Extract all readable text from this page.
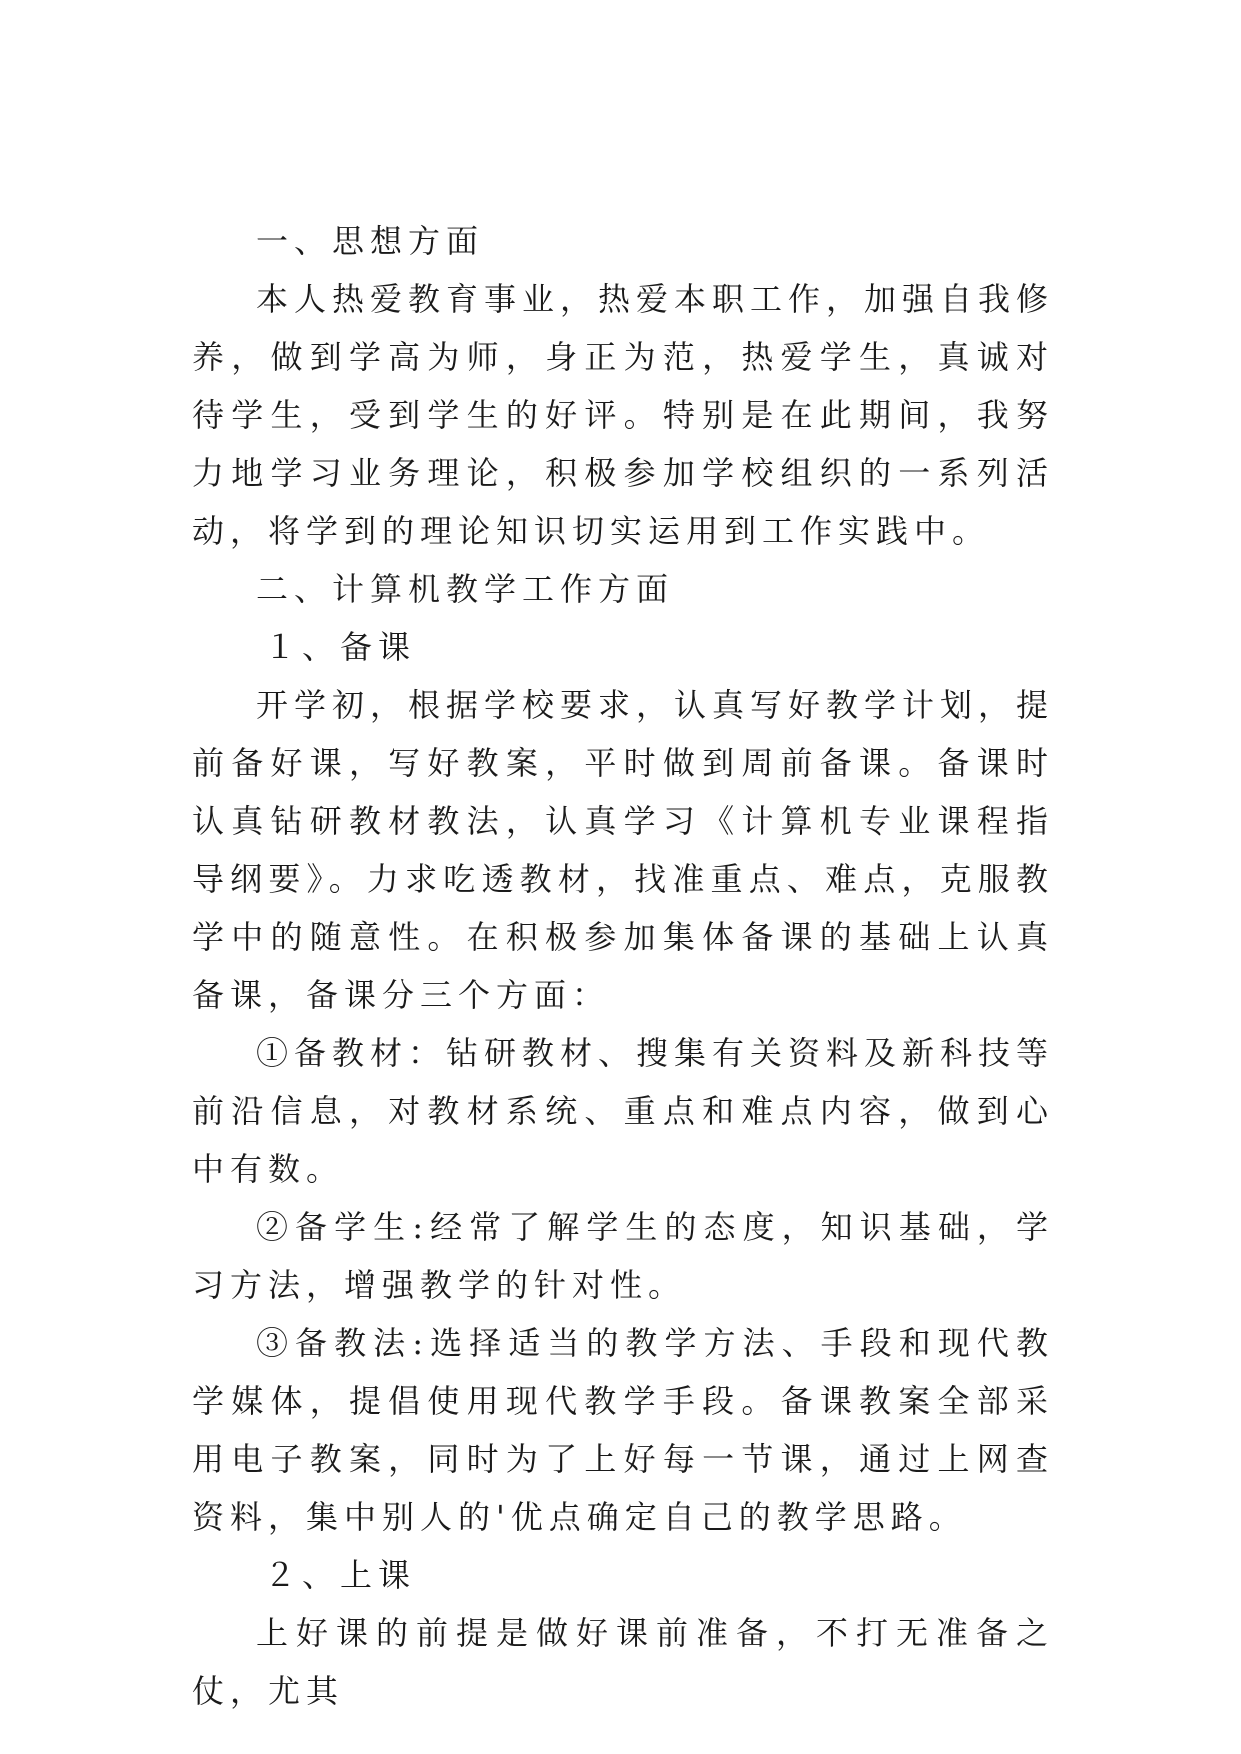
一、思想方面

本人热爱教育事业，热爱本职工作，加强自我修养，做到学高为师，身正为范，热爱学生，真诚对待学生，受到学生的好评。特别是在此期间，我努力地学习业务理论，积极参加学校组织的一系列活动，将学到的理论知识切实运用到工作实践中。

二、计算机教学工作方面

１、备课

开学初，根据学校要求，认真写好教学计划，提前备好课，写好教案，平时做到周前备课。备课时认真钻研教材教法，认真学习《计算机专业课程指导纲要》。力求吃透教材，找准重点、难点，克服教学中的随意性。在积极参加集体备课的基础上认真备课，备课分三个方面：

①备教材：钻研教材、搜集有关资料及新科技等前沿信息，对教材系统、重点和难点内容，做到心中有数。

②备学生:经常了解学生的态度，知识基础，学习方法，增强教学的针对性。

③备教法:选择适当的教学方法、手段和现代教学媒体，提倡使用现代教学手段。备课教案全部采用电子教案，同时为了上好每一节课，通过上网查资料，集中别人的'优点确定自己的教学思路。

２、上课

上好课的前提是做好课前准备，不打无准备之仗，尤其
